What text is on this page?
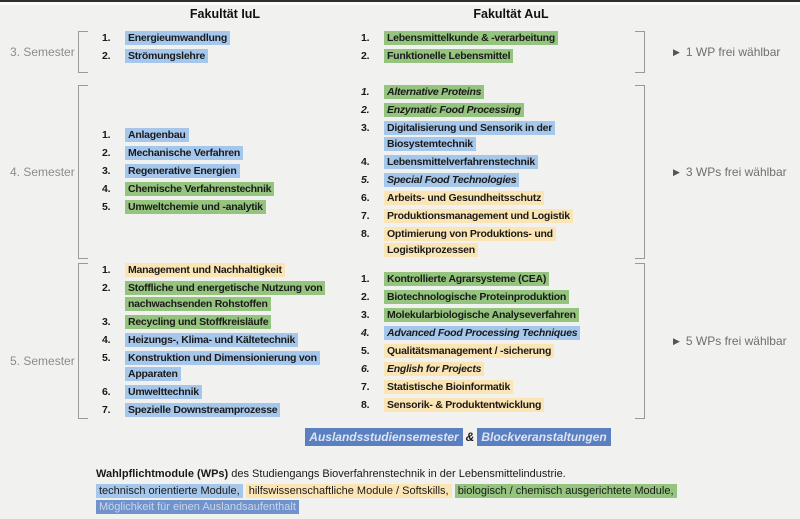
Fakultät IuL	Fakultät AuL
3. Semester
1. Energieumwandlung
2. Strömungslehre
1. Lebensmittelkunde & -verarbeitung
2. Funktionelle Lebensmittel	▶ 1 WP frei wählbar
4. Semester
1. Anlagenbau
2. Mechanische Verfahren
3. Regenerative Energien
4. Chemische Verfahrenstechnik
5. Umweltchemie und -analytik
1. Alternative Proteins
2. Enzymatic Food Processing
3. Digitalisierung und Sensorik in der Biosystemtechnik
4. Lebensmittelverfahrenstechnik
5. Special Food Technologies
6. Arbeits- und Gesundheitsschutz
7. Produktionsmanagement und Logistik
8. Optimierung von Produktions- und Logistikprozessen
▶ 3 WPs frei wählbar
5. Semester
1. Management und Nachhaltigkeit
2. Stoffliche und energetische Nutzung von nachwachsenden Rohstoffen
3. Recycling und Stoffkreisläufe
4. Heizungs-, Klima- und Kältetechnik
5. Konstruktion und Dimensionierung von Apparaten
6. Umwelttechnik
7. Spezielle Downstreamprozesse
1. Kontrollierte Agrarsysteme (CEA)
2. Biotechnologische Proteinproduktion
3. Molekularbiologische Analyseverfahren
4. Advanced Food Processing Techniques
5. Qualitätsmanagement / -sicherung
6. English for Projects
7. Statistische Bioinformatik
8. Sensorik- & Produktentwicklung
▶ 5 WPs frei wählbar
Auslandsstudiensemester & Blockveranstaltungen
Wahlpflichtmodule (WPs) des Studiengangs Bioverfahrenstechnik in der Lebensmittelindustrie.
technisch orientierte Module, hilfswissenschaftliche Module / Softskills, biologisch / chemisch ausgerichtete Module,
Möglichkeit für einen Auslandsaufenthalt
